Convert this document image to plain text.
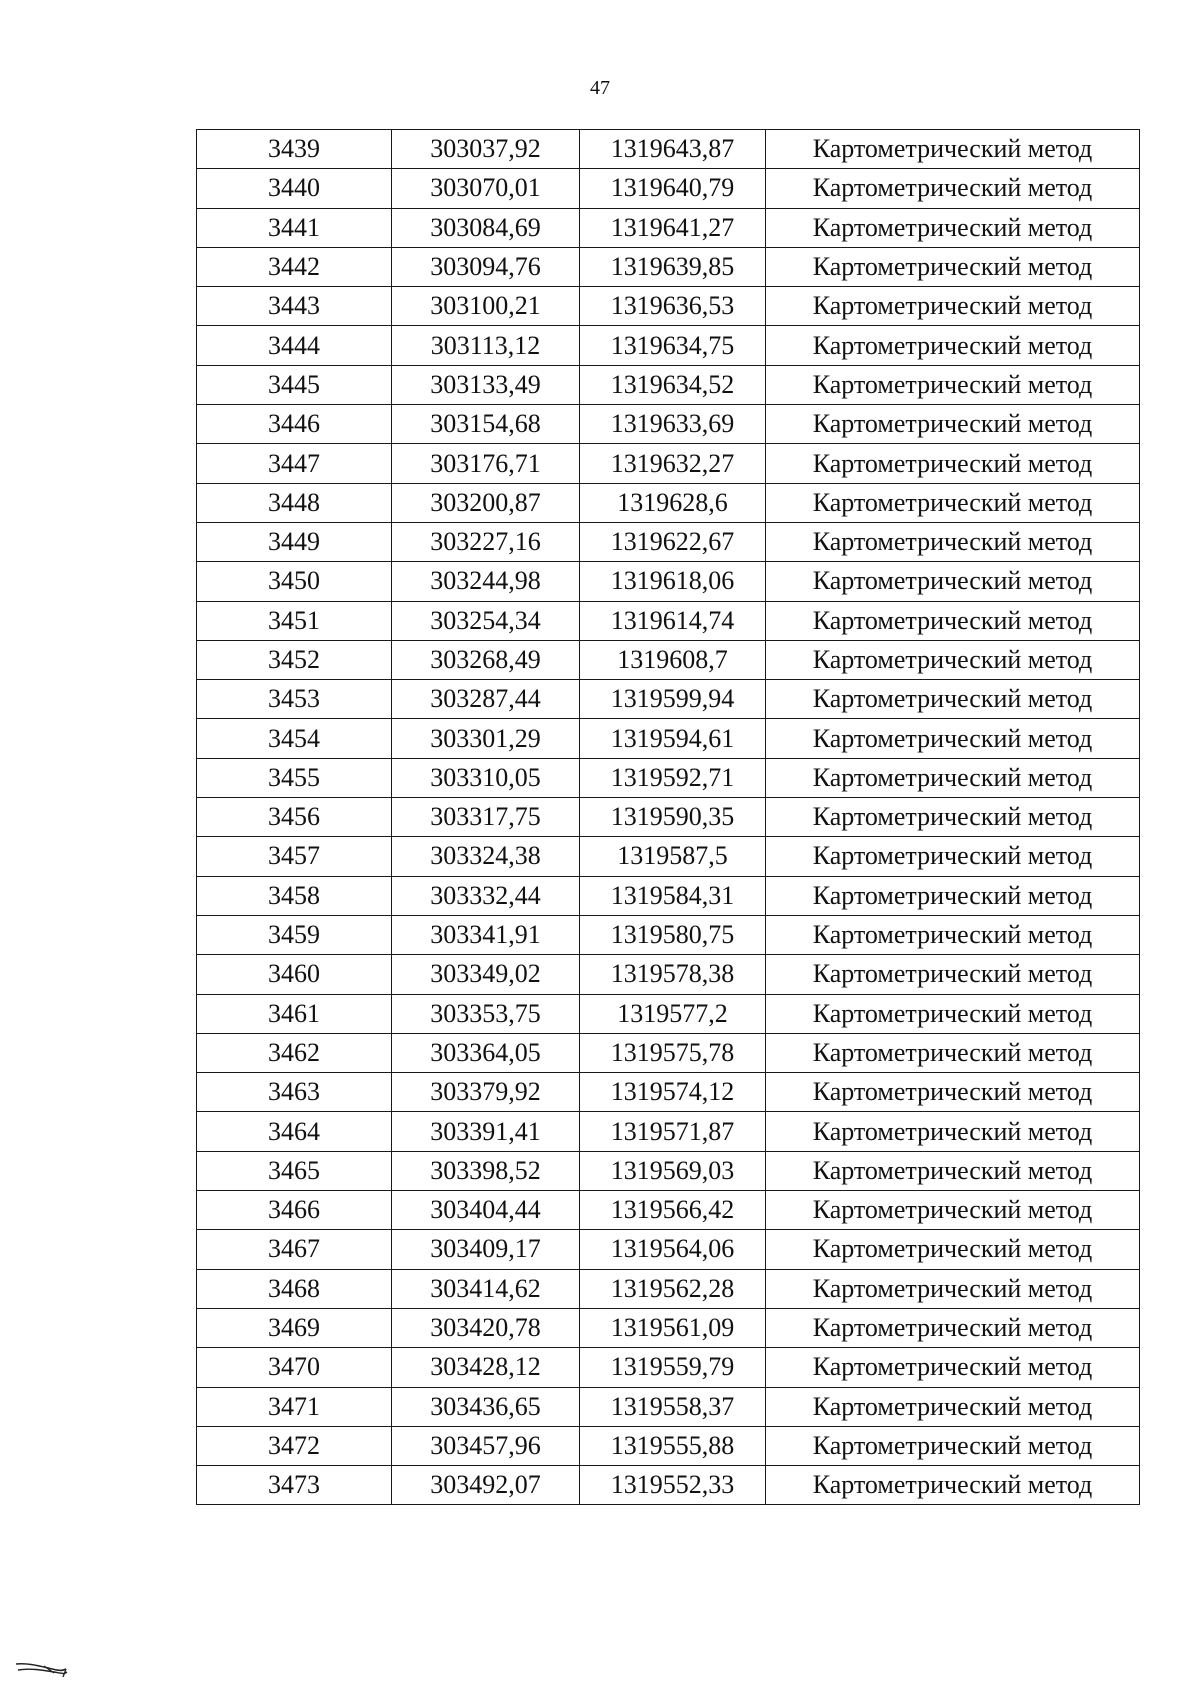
47
3439	303037,92	1319643,87	Картометрический метод
3440	303070,01	1319640,79	Картометрический метод
3441	303084,69	1319641,27	Картометрический метод
3442	303094,76	1319639,85	Картометрический метод
3443	303100,21	1319636,53	Картометрический метод
3444	303113,12	1319634,75	Картометрический метод
3445	303133,49	1319634,52	Картометрический метод
3446	303154,68	1319633,69	Картометрический метод
3447	303176,71	1319632,27	Картометрический метод
3448	303200,87	1319628,6	Картометрический метод
3449	303227,16	1319622,67	Картометрический метод
3450	303244,98	1319618,06	Картометрический метод
3451	303254,34	1319614,74	Картометрический метод
3452	303268,49	1319608,7	Картометрический метод
3453	303287,44	1319599,94	Картометрический метод
3454	303301,29	1319594,61	Картометрический метод
3455	303310,05	1319592,71	Картометрический метод
3456	303317,75	1319590,35	Картометрический метод
3457	303324,38	1319587,5	Картометрический метод
3458	303332,44	1319584,31	Картометрический метод
3459	303341,91	1319580,75	Картометрический метод
3460	303349,02	1319578,38	Картометрический метод
3461	303353,75	1319577,2	Картометрический метод
3462	303364,05	1319575,78	Картометрический метод
3463	303379,92	1319574,12	Картометрический метод
3464	303391,41	1319571,87	Картометрический метод
3465	303398,52	1319569,03	Картометрический метод
3466	303404,44	1319566,42	Картометрический метод
3467	303409,17	1319564,06	Картометрический метод
3468	303414,62	1319562,28	Картометрический метод
3469	303420,78	1319561,09	Картометрический метод
3470	303428,12	1319559,79	Картометрический метод
3471	303436,65	1319558,37	Картометрический метод
3472	303457,96	1319555,88	Картометрический метод
3473	303492,07	1319552,33	Картометрический метод
